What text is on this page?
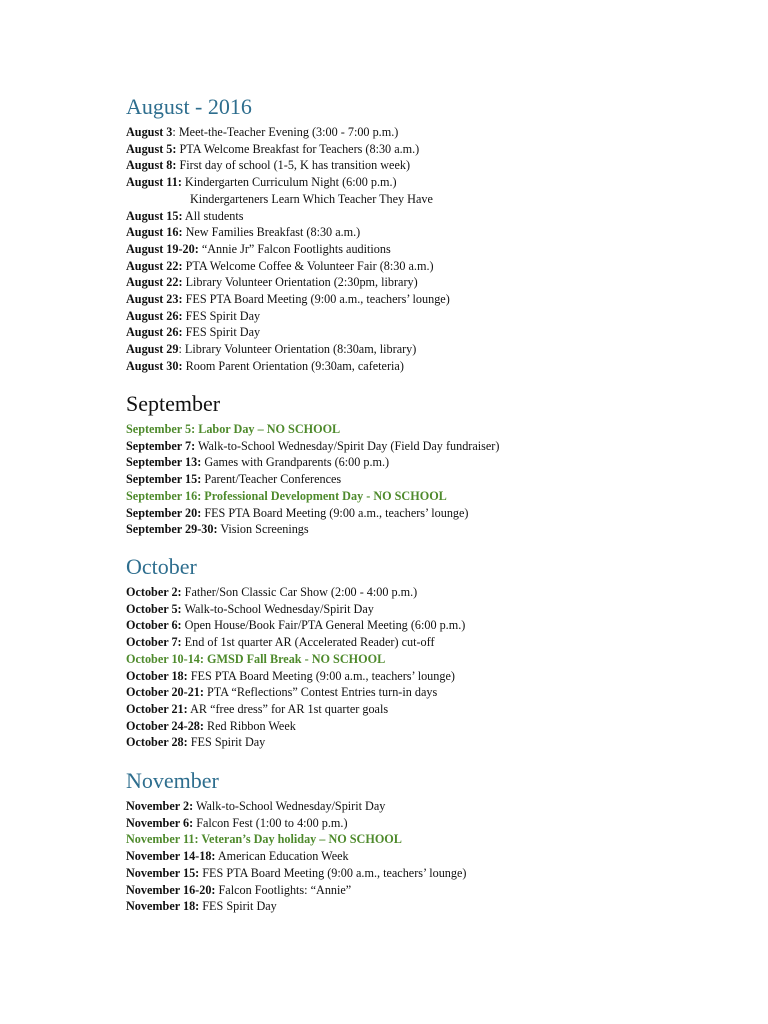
August - 2016
August 3: Meet-the-Teacher Evening (3:00 - 7:00 p.m.)
August 5: PTA Welcome Breakfast for Teachers (8:30 a.m.)
August 8: First day of school (1-5, K has transition week)
August 11: Kindergarten Curriculum Night (6:00 p.m.)
Kindergarteners Learn Which Teacher They Have
August 15: All students
August 16: New Families Breakfast (8:30 a.m.)
August 19-20: “Annie Jr” Falcon Footlights auditions
August 22: PTA Welcome Coffee & Volunteer Fair (8:30 a.m.)
August 22: Library Volunteer Orientation (2:30pm, library)
August 23: FES PTA Board Meeting (9:00 a.m., teachers’ lounge)
August 26: FES Spirit Day
August 26: FES Spirit Day
August 29: Library Volunteer Orientation (8:30am, library)
August 30: Room Parent Orientation (9:30am, cafeteria)
September
September 5: Labor Day – NO SCHOOL
September 7: Walk-to-School Wednesday/Spirit Day (Field Day fundraiser)
September 13: Games with Grandparents (6:00 p.m.)
September 15: Parent/Teacher Conferences
September 16: Professional Development Day - NO SCHOOL
September 20: FES PTA Board Meeting (9:00 a.m., teachers’ lounge)
September 29-30: Vision Screenings
October
October 2: Father/Son Classic Car Show (2:00 - 4:00 p.m.)
October 5: Walk-to-School Wednesday/Spirit Day
October 6: Open House/Book Fair/PTA General Meeting (6:00 p.m.)
October 7: End of 1st quarter AR (Accelerated Reader) cut-off
October 10-14: GMSD Fall Break - NO SCHOOL
October 18: FES PTA Board Meeting (9:00 a.m., teachers’ lounge)
October 20-21: PTA “Reflections” Contest Entries turn-in days
October 21: AR “free dress” for AR 1st quarter goals
October 24-28: Red Ribbon Week
October 28: FES Spirit Day
November
November 2: Walk-to-School Wednesday/Spirit Day
November 6: Falcon Fest (1:00 to 4:00 p.m.)
November 11: Veteran’s Day holiday – NO SCHOOL
November 14-18: American Education Week
November 15: FES PTA Board Meeting (9:00 a.m., teachers’ lounge)
November 16-20: Falcon Footlights: “Annie”
November 18: FES Spirit Day
